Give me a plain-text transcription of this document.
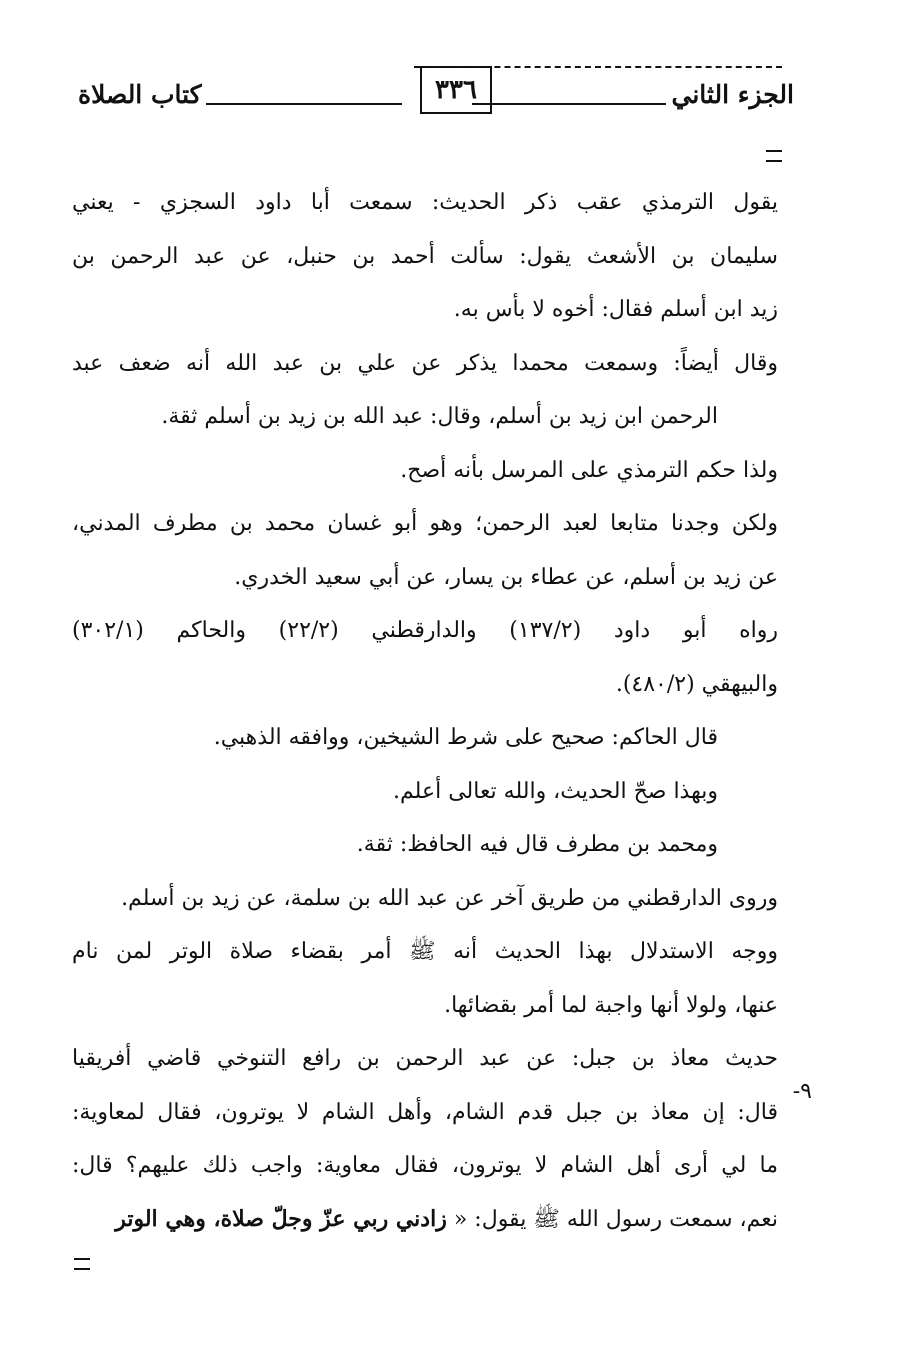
الجزء الثاني
٣٣٦
كتاب الصلاة
يقول الترمذي عقب ذكر الحديث: سمعت أبا داود السجزي - يعني
سليمان بن الأشعث يقول: سألت أحمد بن حنبل، عن عبد الرحمن بن
زيد ابن أسلم فقال: أخوه لا بأس به.
وقال أيضاً: وسمعت محمدا يذكر عن علي بن عبد الله أنه ضعف عبد
الرحمن ابن زيد بن أسلم، وقال: عبد الله بن زيد بن أسلم ثقة.
ولذا حكم الترمذي على المرسل بأنه أصح.
ولكن وجدنا متابعا لعبد الرحمن؛ وهو أبو غسان محمد بن مطرف المدني،
عن زيد بن أسلم، عن عطاء بن يسار، عن أبي سعيد الخدري.
رواه أبو داود (١٣٧/٢) والدارقطني (٢٢/٢) والحاكم (٣٠٢/١)
والبيهقي (٤٨٠/٢).
قال الحاكم: صحيح على شرط الشيخين، ووافقه الذهبي.
وبهذا صحّ الحديث، والله تعالى أعلم.
ومحمد بن مطرف قال فيه الحافظ: ثقة.
وروى الدارقطني من طريق آخر عن عبد الله بن سلمة، عن زيد بن أسلم.
ووجه الاستدلال بهذا الحديث أنه ﷺ أمر بقضاء صلاة الوتر لمن نام
عنها، ولولا أنها واجبة لما أمر بقضائها.
٩-
حديث معاذ بن جبل: عن عبد الرحمن بن رافع التنوخي قاضي أفريقيا
قال: إن معاذ بن جبل قدم الشام، وأهل الشام لا يوترون، فقال لمعاوية:
ما لي أرى أهل الشام لا يوترون، فقال معاوية: واجب ذلك عليهم؟ قال:
نعم، سمعت رسول الله ﷺ يقول: « زادني ربي عزّ وجلّ صلاة، وهي الوتر
